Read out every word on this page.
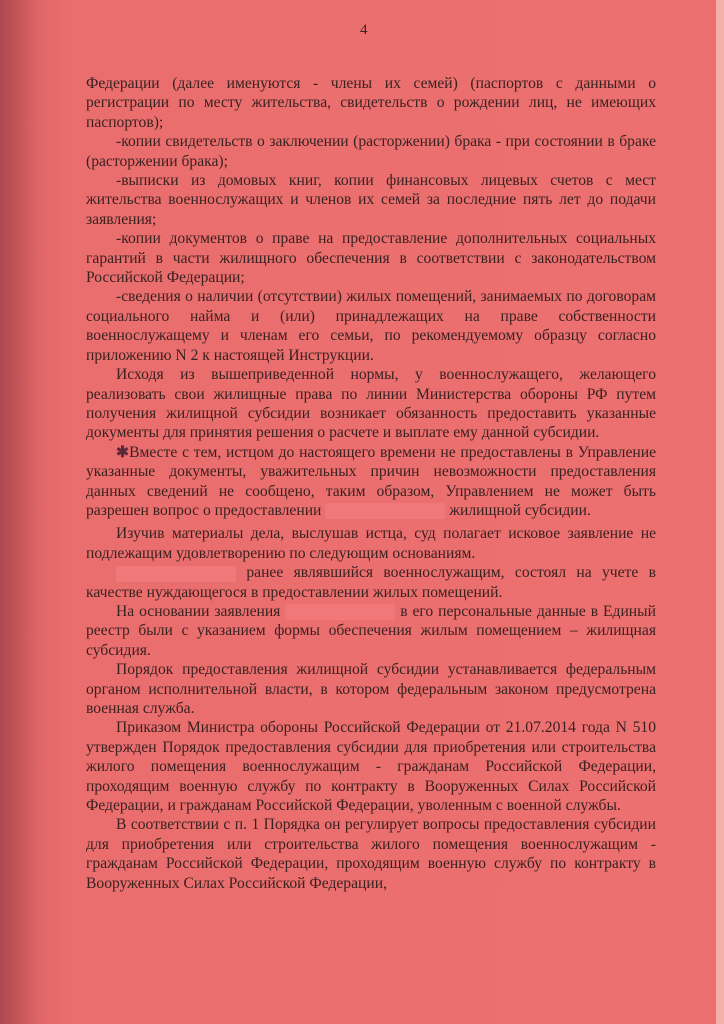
4

Федерации (далее именуются - члены их семей) (паспортов с данными о регистрации по месту жительства, свидетельств о рождении лиц, не имеющих паспортов);

-копии свидетельств о заключении (расторжении) брака - при состоянии в браке (расторжении брака);

-выписки из домовых книг, копии финансовых лицевых счетов с мест жительства военнослужащих и членов их семей за последние пять лет до подачи заявления;

-копии документов о праве на предоставление дополнительных социальных гарантий в части жилищного обеспечения в соответствии с законодательством Российской Федерации;

-сведения о наличии (отсутствии) жилых помещений, занимаемых по договорам социального найма и (или) принадлежащих на праве собственности военнослужащему и членам его семьи, по рекомендуемому образцу согласно приложению N 2 к настоящей Инструкции.

Исходя из вышеприведенной нормы, у военнослужащего, желающего реализовать свои жилищные права по линии Министерства обороны РФ путем получения жилищной субсидии возникает обязанность предоставить указанные документы для принятия решения о расчете и выплате ему данной субсидии.

✱Вместе с тем, истцом до настоящего времени не предоставлены в Управление указанные документы, уважительных причин невозможности предоставления данных сведений не сообщено, таким образом, Управлением не может быть разрешен вопрос о предоставлении	жилищной субсидии.

Изучив материалы дела, выслушав истца, суд полагает исковое заявление не подлежащим удовлетворению по следующим основаниям.

ранее являвшийся военнослужащим, состоял на учете в качестве нуждающегося в предоставлении жилых помещений.

На основании заявления	в его персональные данные в Единый реестр были с указанием формы обеспечения жилым помещением – жилищная субсидия.

Порядок предоставления жилищной субсидии устанавливается федеральным органом исполнительной власти, в котором федеральным законом предусмотрена военная служба.

Приказом Министра обороны Российской Федерации от 21.07.2014 года N 510 утвержден Порядок предоставления субсидии для приобретения или строительства жилого помещения военнослужащим - гражданам Российской Федерации, проходящим военную службу по контракту в Вооруженных Силах Российской Федерации, и гражданам Российской Федерации, уволенным с военной службы.

В соответствии с п. 1 Порядка он регулирует вопросы предоставления субсидии для приобретения или строительства жилого помещения военнослужащим - гражданам Российской Федерации, проходящим военную службу по контракту в Вооруженных Силах Российской Федерации,
